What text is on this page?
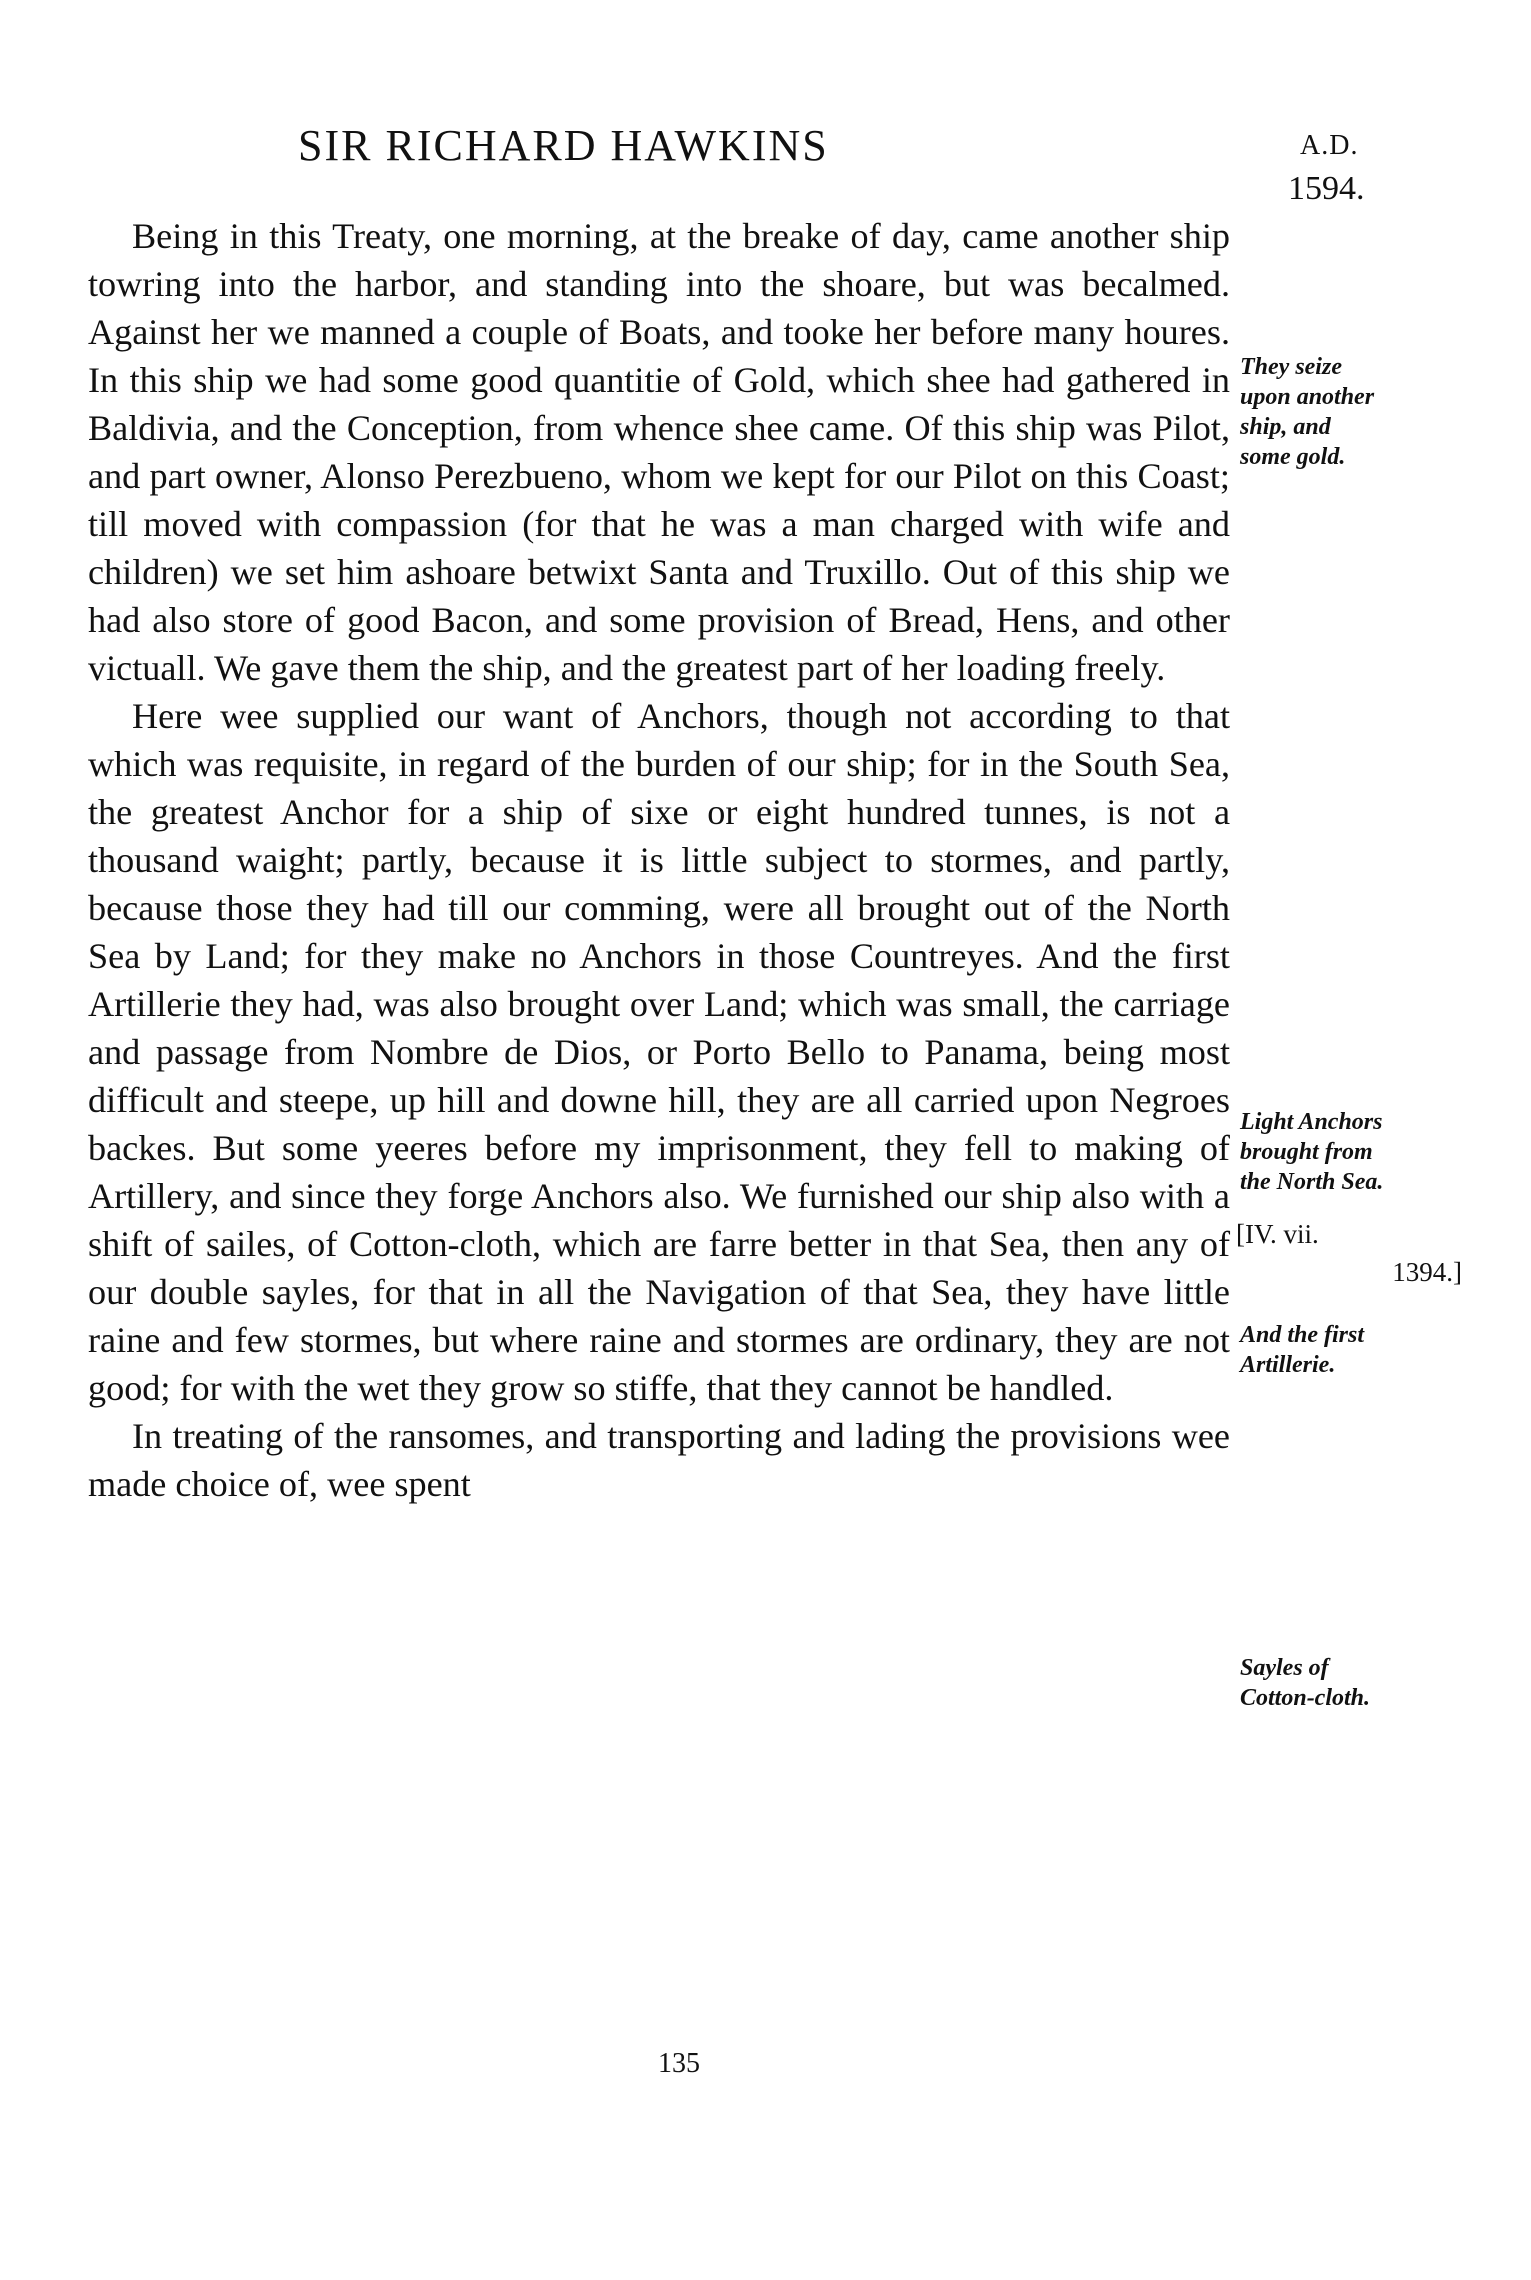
SIR RICHARD HAWKINS	A.D.
1594.

Being in this Treaty, one morning, at the breake of day, came another ship towring into the harbor, and standing into the shoare, but was becalmed. Against her we manned a couple of Boats, and tooke her before many houres. In this ship we had some good quantitie of Gold, which shee had gathered in Baldivia, and the Conception, from whence shee came. Of this ship was Pilot, and part owner, Alonso Perezbueno, whom we kept for our Pilot on this Coast; till moved with compassion (for that he was a man charged with wife and children) we set him ashoare betwixt Santa and Truxillo. Out of this ship we had also store of good Bacon, and some provision of Bread, Hens, and other victuall. We gave them the ship, and the greatest part of her loading freely.

Here wee supplied our want of Anchors, though not according to that which was requisite, in regard of the burden of our ship; for in the South Sea, the greatest Anchor for a ship of sixe or eight hundred tunnes, is not a thousand waight; partly, because it is little subject to stormes, and partly, because those they had till our comming, were all brought out of the North Sea by Land; for they make no Anchors in those Countreyes. And the first Artillerie they had, was also brought over Land; which was small, the carriage and passage from Nombre de Dios, or Porto Bello to Panama, being most difficult and steepe, up hill and downe hill, they are all carried upon Negroes backes. But some yeeres before my imprisonment, they fell to making of Artillery, and since they forge Anchors also. We furnished our ship also with a shift of sailes, of Cotton-cloth, which are farre better in that Sea, then any of our double sayles, for that in all the Navigation of that Sea, they have little raine and few stormes, but where raine and stormes are ordinary, they are not good; for with the wet they grow so stiffe, that they cannot be handled.

In treating of the ransomes, and transporting and lading the provisions wee made choice of, wee spent

They seize
upon another
ship, and
some gold.
Light Anchors
brought from
the North Sea.
[IV. vii.
1394.]
And the first
Artillerie.
Sayles of
Cotton-cloth.
135
